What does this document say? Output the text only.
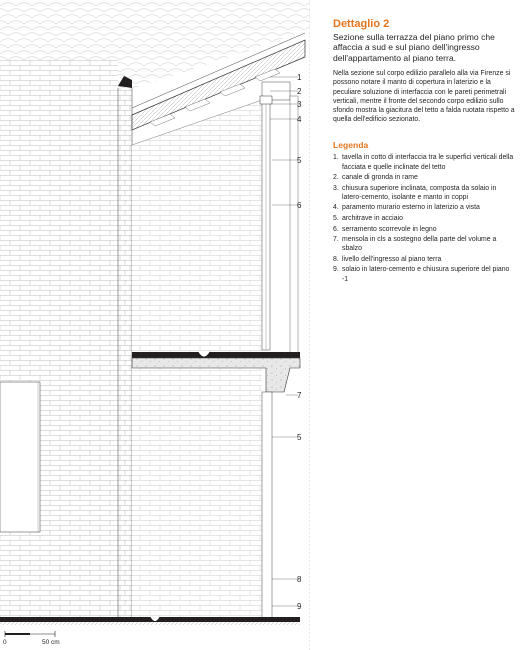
1
2
3
4
5
6
7
5
8
9
0	50 cm
Dettaglio 2

Sezione sulla terrazza del piano primo che affaccia a sud e sul piano dell'ingresso dell'appartamento al piano terra.

Nella sezione sul corpo edilizio parallelo alla via Firenze si possono notare il manto di copertura in laterizio e la peculiare soluzione di interfaccia con le pareti perimetrali verticali, mentre il fronte del secondo corpo edilizio sullo sfondo mostra la giacitura del tetto a falda ruotata rispetto a quella dell'edificio sezionato.

Legenda
1. tavella in cotto di interfaccia tra le superfici verticali della facciata e quelle inclinate del tetto
2. canale di gronda in rame
3. chiusura superiore inclinata, composta da solaio in latero-cemento, isolante e manto in coppi
4. paramento murario esterno in laterizio a vista
5. architrave in acciaio
6. serramento scorrevole in legno
7. mensola in cls a sostegno della parte del volume a sbalzo
8. livello dell'ingresso al piano terra
9. solaio in latero-cemento e chiusura superiore del piano -1
